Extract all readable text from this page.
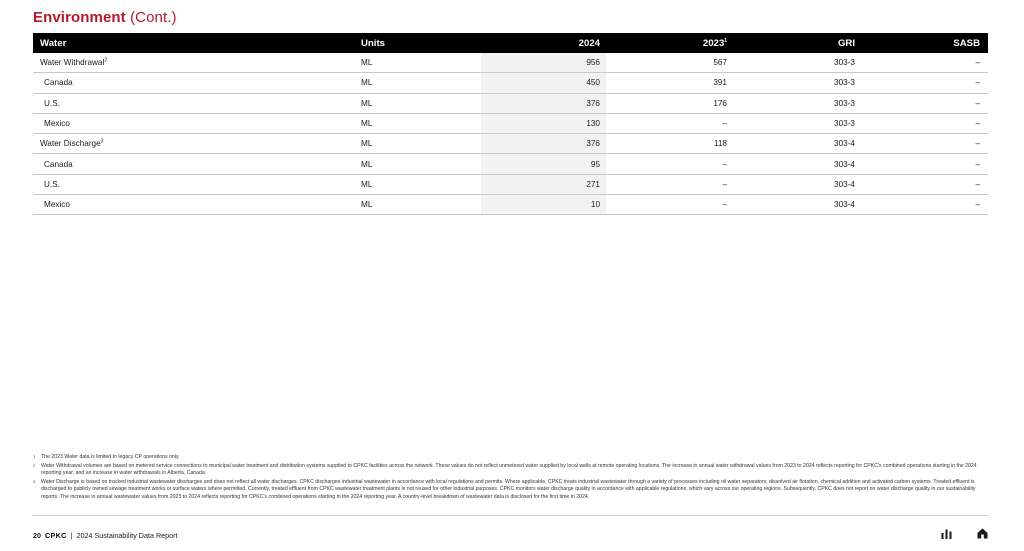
Environment (Cont.)
Water	Units	2024	2023$^1$	GRI	SASB
Water Withdrawal$^2$	ML	956	567	303-3	–
Canada	ML	450	391	303-3	–
U.S.	ML	376	176	303-3	–
Mexico	ML	130	–	303-3	–
Water Discharge$^3$	ML	376	118	303-4	–
Canada	ML	95	–	303-4	–
U.S.	ML	271	–	303-4	–
Mexico	ML	10	–	303-4	–

1 The 2023 Water data is limited to legacy CP operations only.

2 Water Withdrawal volumes are based on metered service connections to municipal water treatment and distribution systems supplied to CPKC facilities across the network. These values do not reflect unmetered water supplied by local wells at remote operating locations. The increase in annual water withdrawal values from 2023 to 2024 reflects reporting for CPKC's combined operations starting in the 2024 reporting year, and an increase in water withdrawals in Alberta, Canada.

3 Water Discharge is based on tracked industrial wastewater discharges and does not reflect all water discharges. CPKC discharges industrial wastewater in accordance with local regulations and permits. Where applicable, CPKC treats industrial wastewater through a variety of processes including oil water separators, dissolved air flotation, chemical addition and activated carbon systems. Treated effluent is discharged to publicly owned sewage treatment works or surface waters where permitted. Currently, treated effluent from CPKC wastewater treatment plants is not reused for other industrial purposes. CPKC monitors water discharge quality in accordance with applicable regulations, which vary across our operating regions. Subsequently, CPKC does not report on water discharge quality in our sustainability reports. The increase in annual wastewater values from 2023 to 2024 reflects reporting for CPKC's combined operations starting in the 2024 reporting year. A country-level breakdown of wastewater data is disclosed for the first time in 2024.

20 CPKC | 2024 Sustainability Data Report
